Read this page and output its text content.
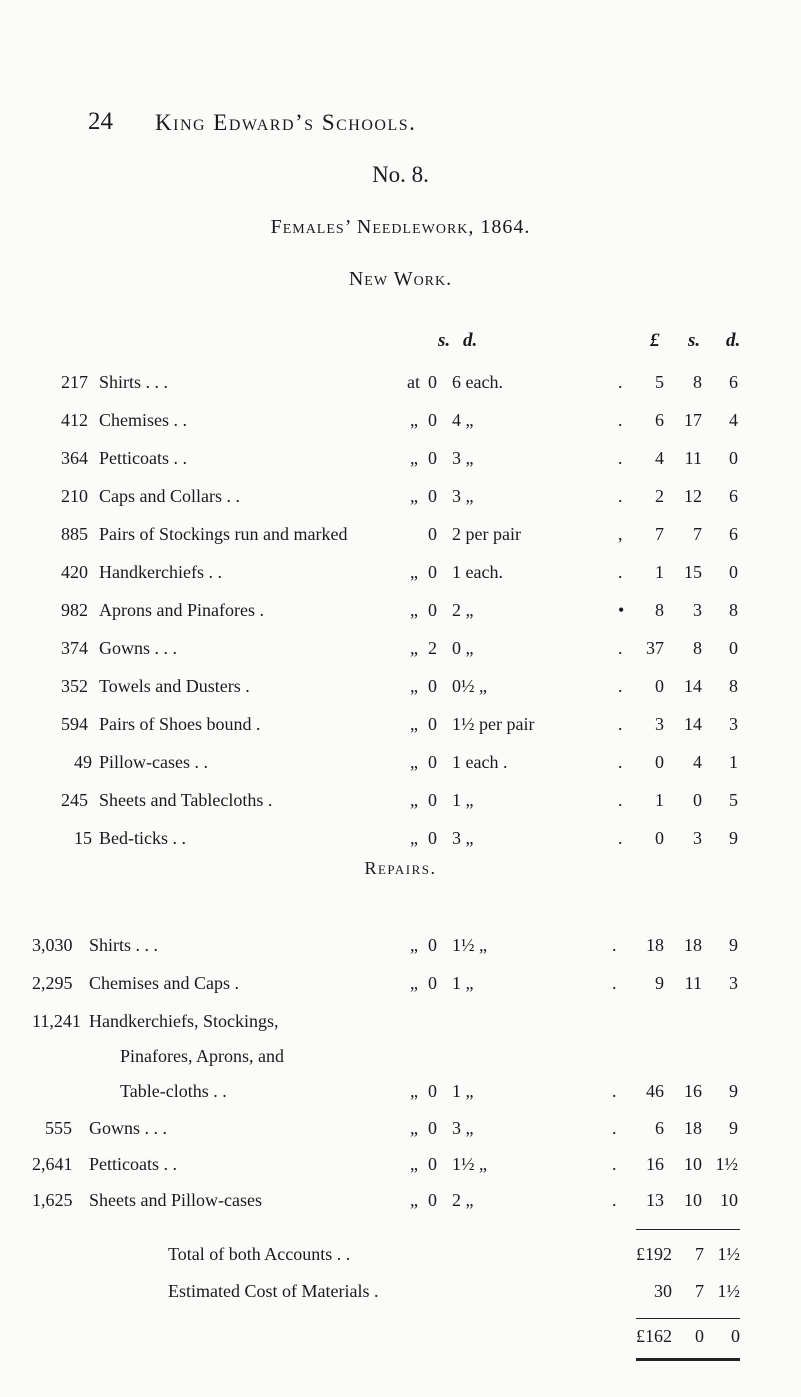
24 King Edward’s Schools.
No. 8.
Females’ Needlework, 1864.
New Work.
s. d.	£ s. d.
217 Shirts . . .	at 0 6 each.	.	5	8	6
412 Chemises . .	„ 0 4 „	.	6	17	4
364 Petticoats . .	„ 0 3 „	.	4	11	0
210 Caps and Collars . .	„ 0 3 „	.	2	12	6
885 Pairs of Stockings run and marked	0 2 per pair	,	7	7	6
420 Handkerchiefs . .	„ 0 1 each.	.	1	15	0
982 Aprons and Pinafores .	„ 0 2 „	•	8	3	8
374 Gowns . . .	„ 2 0 „	.	37	8	0
352 Towels and Dusters .	„ 0 0½ „	.	0	14	8
594 Pairs of Shoes bound .	„ 0 1½ per pair	.	3	14	3
49 Pillow-cases . .	„ 0 1 each .	.	0	4	1
245 Sheets and Tablecloths .	„ 0 1 „	.	1	0	5
15 Bed-ticks . .	„ 0 3 „	.	0	3	9
Repairs.
3,030 Shirts . . .	„ 0 1½ „	.	18	18	9
2,295 Chemises and Caps .	„ 0 1 „	.	9	11	3
11,241 Handkerchiefs, Stockings,
Pinafores, Aprons, and
Table-cloths . .	„ 0 1 „	.	46	16	9
555 Gowns . . .	„ 0 3 „	.	6	18	9
2,641 Petticoats . .	„ 0 1½ „	.	16	10 1½
1,625 Sheets and Pillow-cases	„ 0 2 „	.	13	10	10
Total of both Accounts . .	£192	7 1½
Estimated Cost of Materials .	30	7 1½
£162	0	0
